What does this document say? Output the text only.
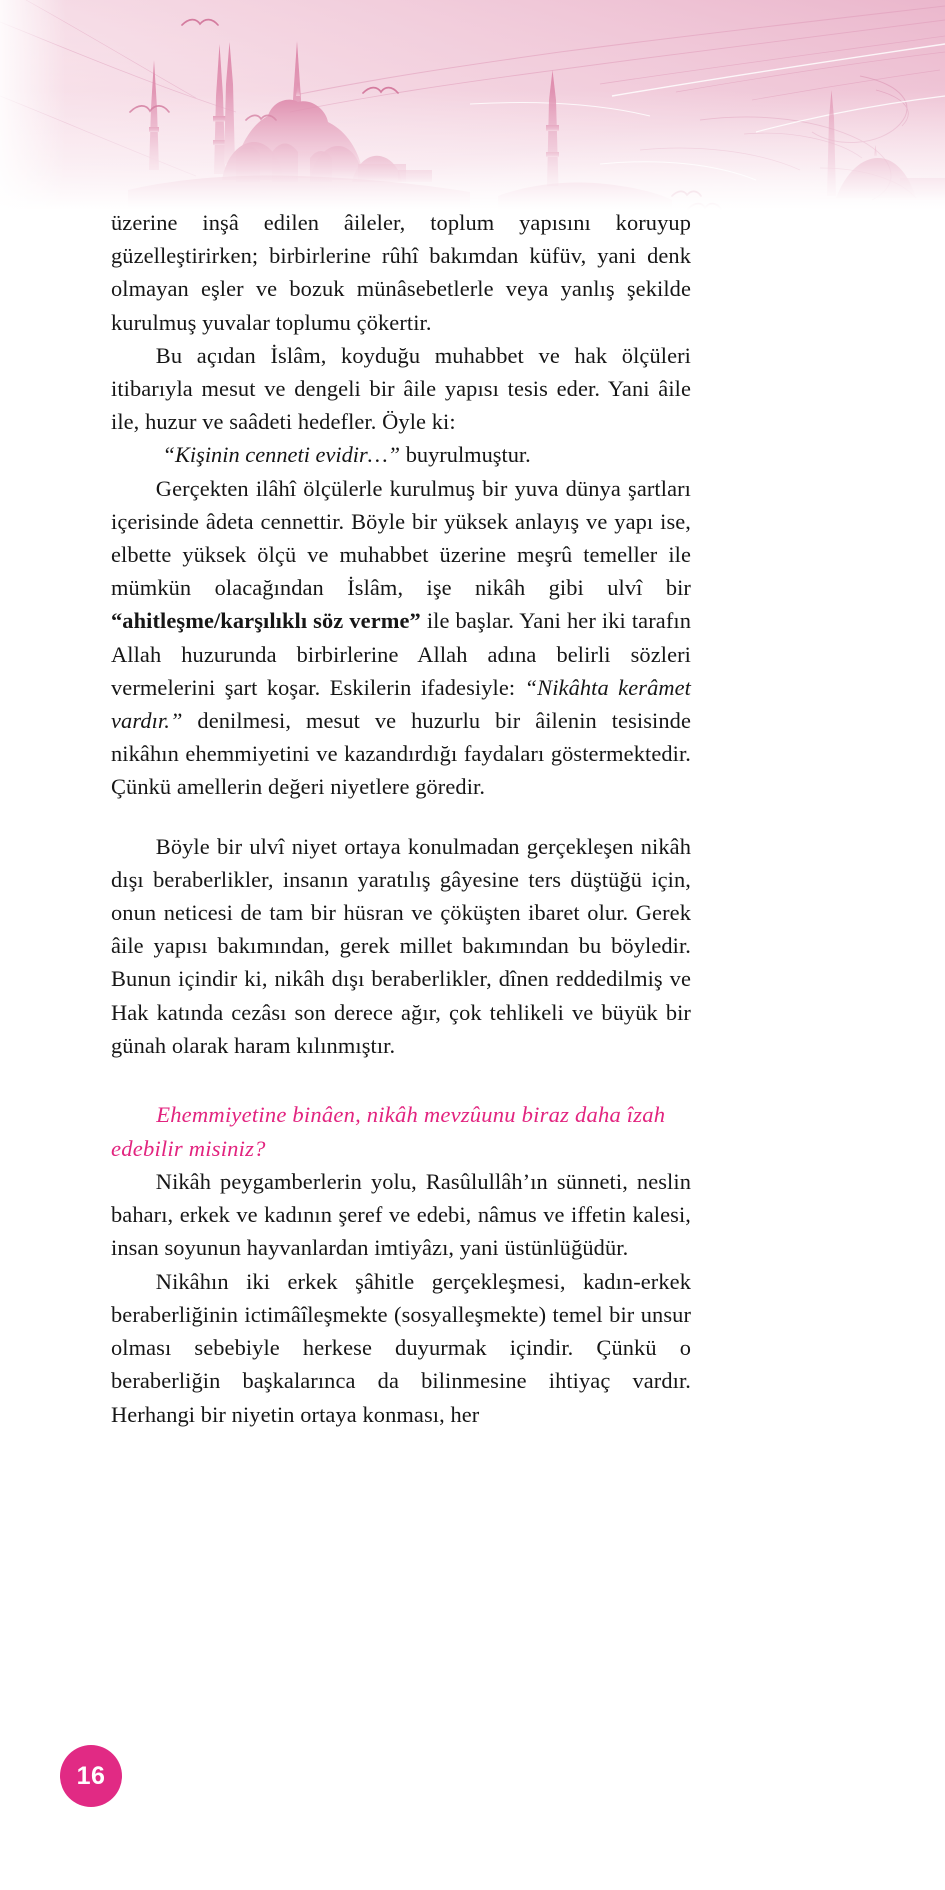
üzerine inşâ edilen âileler, toplum yapısını koruyup güzelleştirirken; birbirlerine rûhî bakımdan küfüv, yani denk olmayan eşler ve bozuk münâsebetlerle veya yanlış şekilde kurulmuş yuvalar toplumu çökertir.

Bu açıdan İslâm, koyduğu muhabbet ve hak ölçüleri itibarıyla mesut ve dengeli bir âile yapısı tesis eder. Yani âile ile, huzur ve saâdeti hedefler. Öyle ki:

“Kişinin cenneti evidir…” buyrulmuştur.

Gerçekten ilâhî ölçülerle kurulmuş bir yuva dünya şartları içerisinde âdeta cennettir. Böyle bir yüksek anlayış ve yapı ise, elbette yüksek ölçü ve muhabbet üzerine meşrû temeller ile mümkün olacağından İslâm, işe nikâh gibi ulvî bir “ahitleşme/karşılıklı söz verme” ile başlar. Yani her iki tarafın Allah huzurunda birbirlerine Allah adına belirli sözleri vermelerini şart koşar. Eskilerin ifadesiyle: “Nikâhta kerâmet vardır.” denilmesi, mesut ve huzurlu bir âilenin tesisinde nikâhın ehemmiyetini ve kazandırdığı faydaları göstermektedir. Çünkü amellerin değeri niyetlere göredir.

Böyle bir ulvî niyet ortaya konulmadan gerçekleşen nikâh dışı beraberlikler, insanın yaratılış gâyesine ters düştüğü için, onun neticesi de tam bir hüsran ve çöküşten ibaret olur. Gerek âile yapısı bakımından, gerek millet bakımından bu böyledir. Bunun içindir ki, nikâh dışı beraberlikler, dînen reddedilmiş ve Hak katında cezâsı son derece ağır, çok tehlikeli ve büyük bir günah olarak haram kılınmıştır.

Ehemmiyetine binâen, nikâh mevzûunu biraz daha îzah edebilir misiniz?

Nikâh peygamberlerin yolu, Rasûlullâh’ın sünneti, neslin baharı, erkek ve kadının şeref ve edebi, nâmus ve iffetin kalesi, insan soyunun hayvanlardan imtiyâzı, yani üstünlüğüdür.

Nikâhın iki erkek şâhitle gerçekleşmesi, kadın-erkek beraberliğinin ictimâîleşmekte (sosyalleşmekte) temel bir unsur olması sebebiyle herkese duyurmak içindir. Çünkü o beraberliğin başkalarınca da bilinmesine ihtiyaç vardır. Herhangi bir niyetin ortaya konması, her

16
